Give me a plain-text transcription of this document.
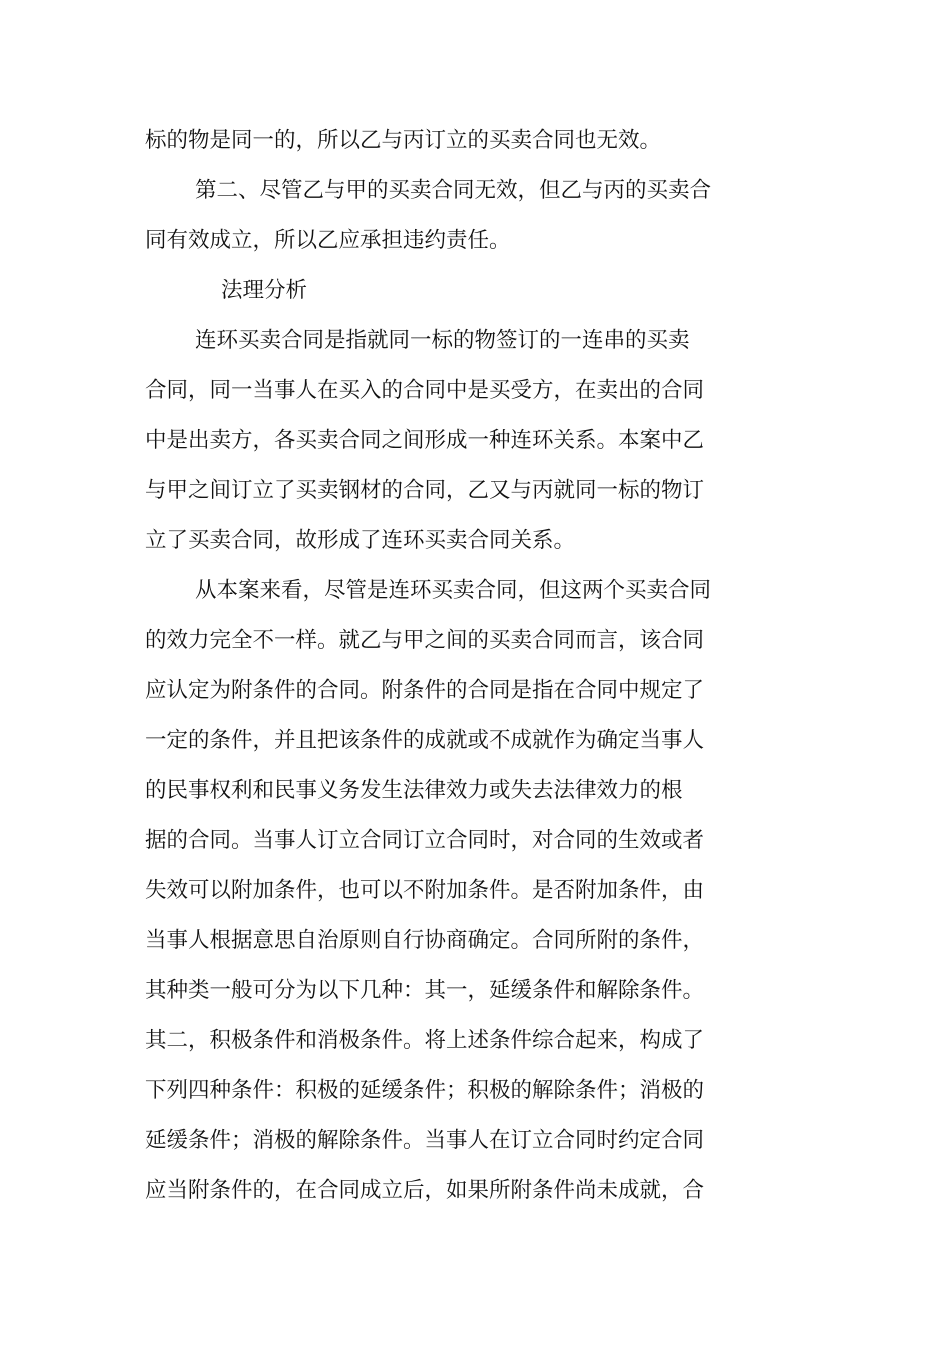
标的物是同一的，所以乙与丙订立的买卖合同也无效。
第二、尽管乙与甲的买卖合同无效，但乙与丙的买卖合
同有效成立，所以乙应承担违约责任。
法理分析
连环买卖合同是指就同一标的物签订的一连串的买卖
合同，同一当事人在买入的合同中是买受方，在卖出的合同
中是出卖方，各买卖合同之间形成一种连环关系。本案中乙
与甲之间订立了买卖钢材的合同，乙又与丙就同一标的物订
立了买卖合同，故形成了连环买卖合同关系。
从本案来看，尽管是连环买卖合同，但这两个买卖合同
的效力完全不一样。就乙与甲之间的买卖合同而言，该合同
应认定为附条件的合同。附条件的合同是指在合同中规定了
一定的条件，并且把该条件的成就或不成就作为确定当事人
的民事权利和民事义务发生法律效力或失去法律效力的根
据的合同。当事人订立合同订立合同时，对合同的生效或者
失效可以附加条件，也可以不附加条件。是否附加条件，由
当事人根据意思自治原则自行协商确定。合同所附的条件，
其种类一般可分为以下几种：其一，延缓条件和解除条件。
其二，积极条件和消极条件。将上述条件综合起来，构成了
下列四种条件：积极的延缓条件；积极的解除条件；消极的
延缓条件；消极的解除条件。当事人在订立合同时约定合同
应当附条件的，在合同成立后，如果所附条件尚未成就，合
